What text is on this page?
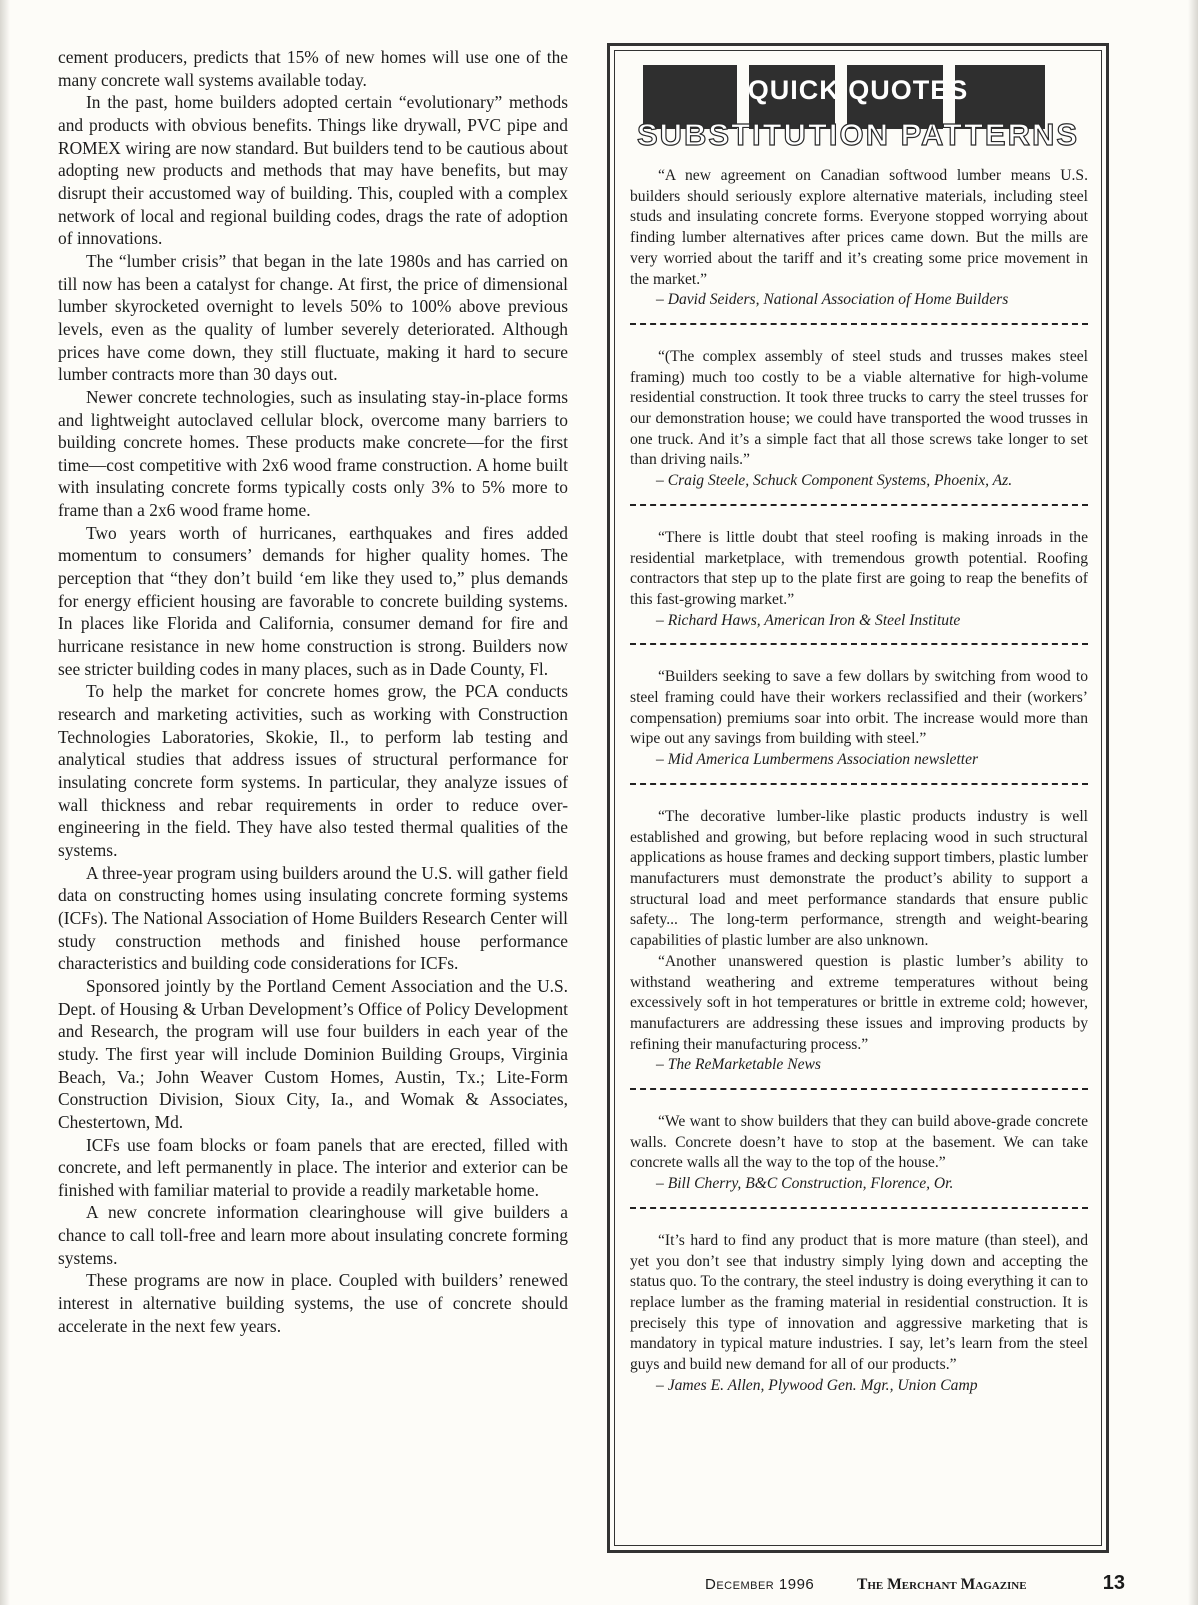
cement producers, predicts that 15% of new homes will use one of the many concrete wall systems available today.

In the past, home builders adopted certain “evolutionary” methods and products with obvious benefits. Things like drywall, PVC pipe and ROMEX wiring are now standard. But builders tend to be cautious about adopting new products and methods that may have benefits, but may disrupt their accustomed way of building. This, coupled with a complex network of local and regional building codes, drags the rate of adoption of innovations.

The “lumber crisis” that began in the late 1980s and has carried on till now has been a catalyst for change. At first, the price of dimensional lumber skyrocketed overnight to levels 50% to 100% above previous levels, even as the quality of lumber severely deteriorated. Although prices have come down, they still fluctuate, making it hard to secure lumber contracts more than 30 days out.

Newer concrete technologies, such as insulating stay-in-place forms and lightweight autoclaved cellular block, overcome many barriers to building concrete homes. These products make concrete—for the first time—cost competitive with 2x6 wood frame construction. A home built with insulating concrete forms typically costs only 3% to 5% more to frame than a 2x6 wood frame home.

Two years worth of hurricanes, earthquakes and fires added momentum to consumers’ demands for higher quality homes. The perception that “they don’t build ‘em like they used to,” plus demands for energy efficient housing are favorable to concrete building systems. In places like Florida and California, consumer demand for fire and hurricane resistance in new home construction is strong. Builders now see stricter building codes in many places, such as in Dade County, Fl.

To help the market for concrete homes grow, the PCA conducts research and marketing activities, such as working with Construction Technologies Laboratories, Skokie, Il., to perform lab testing and analytical studies that address issues of structural performance for insulating concrete form systems. In particular, they analyze issues of wall thickness and rebar requirements in order to reduce over-engineering in the field. They have also tested thermal qualities of the systems.

A three-year program using builders around the U.S. will gather field data on constructing homes using insulating concrete forming systems (ICFs). The National Association of Home Builders Research Center will study construction methods and finished house performance characteristics and building code considerations for ICFs.

Sponsored jointly by the Portland Cement Association and the U.S. Dept. of Housing & Urban Development’s Office of Policy Development and Research, the program will use four builders in each year of the study. The first year will include Dominion Building Groups, Virginia Beach, Va.; John Weaver Custom Homes, Austin, Tx.; Lite-Form Construction Division, Sioux City, Ia., and Womak & Associates, Chestertown, Md.

ICFs use foam blocks or foam panels that are erected, filled with concrete, and left permanently in place. The interior and exterior can be finished with familiar material to provide a readily marketable home.

A new concrete information clearinghouse will give builders a chance to call toll-free and learn more about insulating concrete forming systems.

These programs are now in place. Coupled with builders’ renewed interest in alternative building systems, the use of concrete should accelerate in the next few years.

QUICK QUOTES
SUBSTITUTION PATTERNS

“A new agreement on Canadian softwood lumber means U.S. builders should seriously explore alternative materials, including steel studs and insulating concrete forms. Everyone stopped worrying about finding lumber alternatives after prices came down. But the mills are very worried about the tariff and it’s creating some price movement in the market.”

– David Seiders, National Association of Home Builders

“(The complex assembly of steel studs and trusses makes steel framing) much too costly to be a viable alternative for high-volume residential construction. It took three trucks to carry the steel trusses for our demonstration house; we could have transported the wood trusses in one truck. And it’s a simple fact that all those screws take longer to set than driving nails.”

– Craig Steele, Schuck Component Systems, Phoenix, Az.

“There is little doubt that steel roofing is making inroads in the residential marketplace, with tremendous growth potential. Roofing contractors that step up to the plate first are going to reap the benefits of this fast-growing market.”

– Richard Haws, American Iron & Steel Institute

“Builders seeking to save a few dollars by switching from wood to steel framing could have their workers reclassified and their (workers’ compensation) premiums soar into orbit. The increase would more than wipe out any savings from building with steel.”

– Mid America Lumbermens Association newsletter

“The decorative lumber-like plastic products industry is well established and growing, but before replacing wood in such structural applications as house frames and decking support timbers, plastic lumber manufacturers must demonstrate the product’s ability to support a structural load and meet performance standards that ensure public safety... The long-term performance, strength and weight-bearing capabilities of plastic lumber are also unknown.

“Another unanswered question is plastic lumber’s ability to withstand weathering and extreme temperatures without being excessively soft in hot temperatures or brittle in extreme cold; however, manufacturers are addressing these issues and improving products by refining their manufacturing process.”

– The ReMarketable News

“We want to show builders that they can build above-grade concrete walls. Concrete doesn’t have to stop at the basement. We can take concrete walls all the way to the top of the house.”

– Bill Cherry, B&C Construction, Florence, Or.

“It’s hard to find any product that is more mature (than steel), and yet you don’t see that industry simply lying down and accepting the status quo. To the contrary, the steel industry is doing everything it can to replace lumber as the framing material in residential construction. It is precisely this type of innovation and aggressive marketing that is mandatory in typical mature industries. I say, let’s learn from the steel guys and build new demand for all of our products.”

– James E. Allen, Plywood Gen. Mgr., Union Camp
December 1996	The Merchant Magazine	13
